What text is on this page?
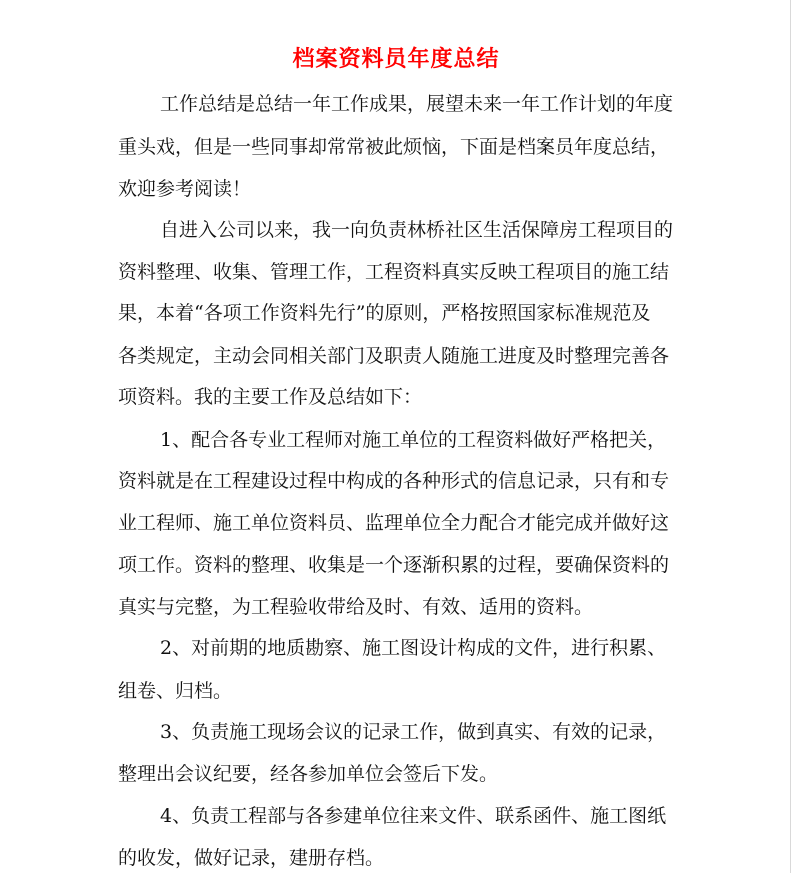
档案资料员年度总结
工作总结是总结一年工作成果，展望未来一年工作计划的年度
重头戏，但是一些同事却常常被此烦恼，下面是档案员年度总结，
欢迎参考阅读！
自进入公司以来，我一向负责林桥社区生活保障房工程项目的
资料整理、收集、管理工作，工程资料真实反映工程项目的施工结
果，本着“各项工作资料先行”的原则，严格按照国家标准规范及
各类规定，主动会同相关部门及职责人随施工进度及时整理完善各
项资料。我的主要工作及总结如下：
1、配合各专业工程师对施工单位的工程资料做好严格把关，
资料就是在工程建设过程中构成的各种形式的信息记录，只有和专
业工程师、施工单位资料员、监理单位全力配合才能完成并做好这
项工作。资料的整理、收集是一个逐渐积累的过程，要确保资料的
真实与完整，为工程验收带给及时、有效、适用的资料。
2、对前期的地质勘察、施工图设计构成的文件，进行积累、
组卷、归档。
3、负责施工现场会议的记录工作，做到真实、有效的记录，
整理出会议纪要，经各参加单位会签后下发。
4、负责工程部与各参建单位往来文件、联系函件、施工图纸
的收发，做好记录，建册存档。
